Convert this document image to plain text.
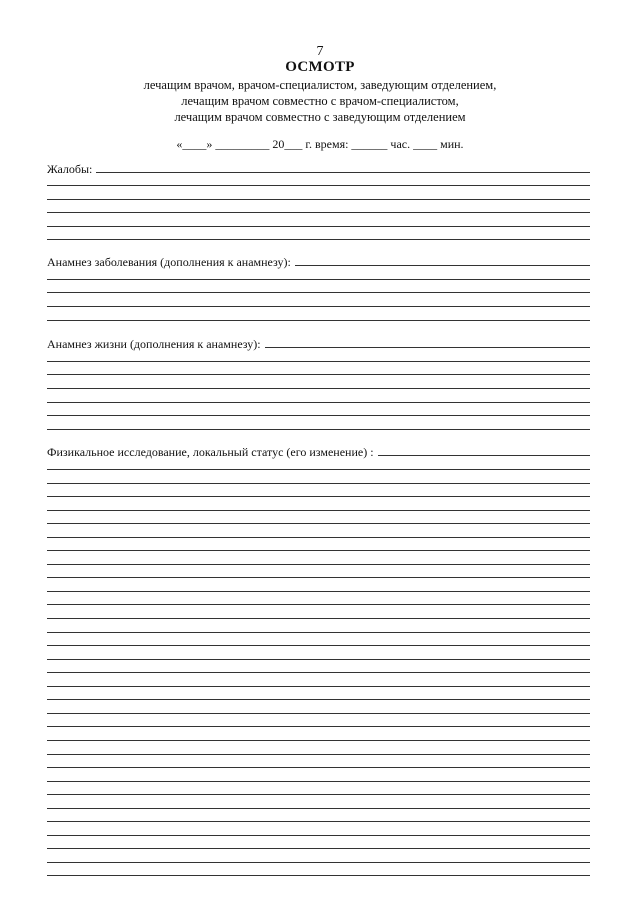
7
ОСМОТР
лечащим врачом, врачом-специалистом, заведующим отделением,
лечащим врачом совместно с врачом-специалистом,
лечащим врачом совместно с заведующим отделением
«____» _________ 20___ г. время: ______ час. ____ мин.
Жалобы:
Анамнез заболевания (дополнения к анамнезу):
Анамнез жизни (дополнения к анамнезу):
Физикальное исследование, локальный статус (его изменение) :
